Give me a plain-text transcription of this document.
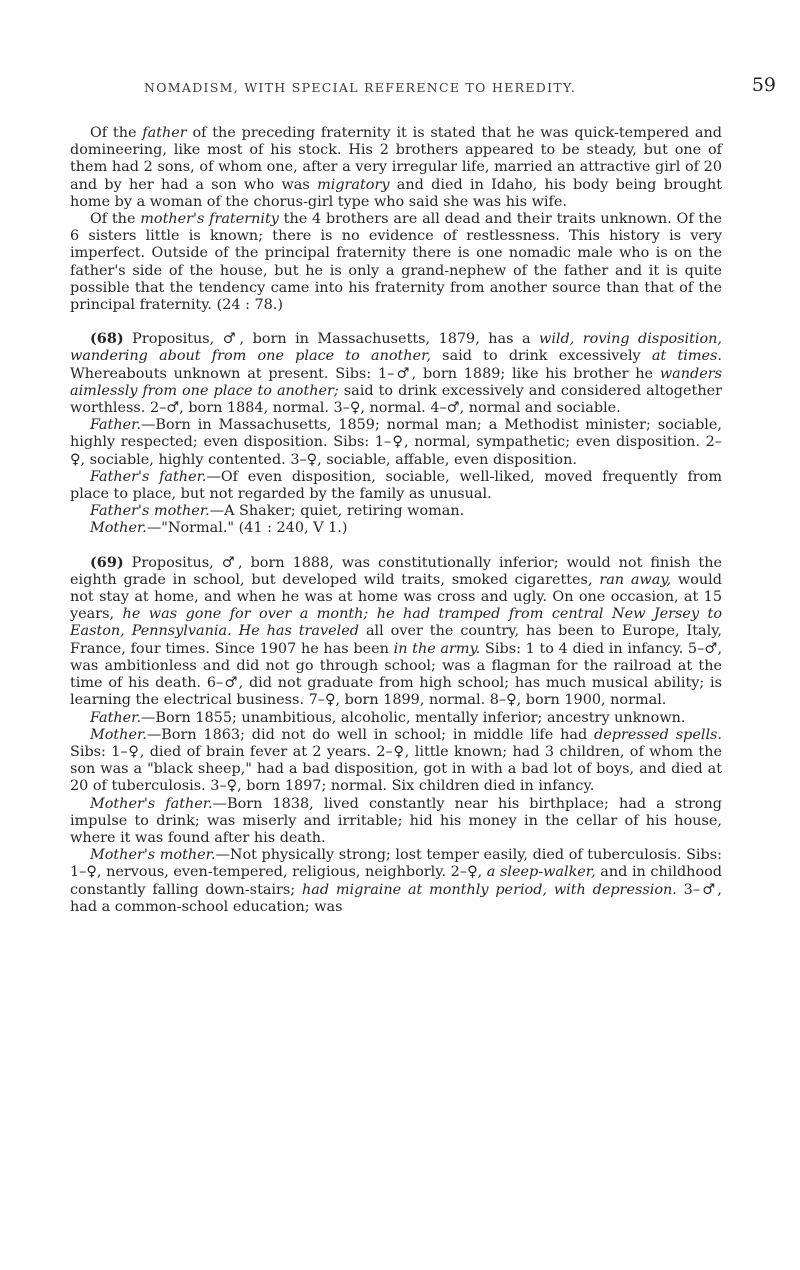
NOMADISM, WITH SPECIAL REFERENCE TO HEREDITY.	59

Of the father of the preceding fraternity it is stated that he was quick-tempered and domineering, like most of his stock. His 2 brothers appeared to be steady, but one of them had 2 sons, of whom one, after a very irregular life, married an attractive girl of 20 and by her had a son who was migratory and died in Idaho, his body being brought home by a woman of the chorus-girl type who said she was his wife.

Of the mother's fraternity the 4 brothers are all dead and their traits unknown. Of the 6 sisters little is known; there is no evidence of restlessness. This history is very imperfect. Outside of the principal fraternity there is one nomadic male who is on the father's side of the house, but he is only a grand-nephew of the father and it is quite possible that the tendency came into his fraternity from another source than that of the principal fraternity. (24 : 78.)

(68) Propositus, ♂, born in Massachusetts, 1879, has a wild, roving disposition, wandering about from one place to another, said to drink excessively at times. Whereabouts unknown at present. Sibs: 1–♂, born 1889; like his brother he wanders aimlessly from one place to another; said to drink excessively and considered altogether worthless. 2–♂, born 1884, normal. 3–♀, normal. 4–♂, normal and sociable.

Father.—Born in Massachusetts, 1859; normal man; a Methodist minister; sociable, highly respected; even disposition. Sibs: 1–♀, normal, sympathetic; even disposition. 2–♀, sociable, highly contented. 3–♀, sociable, affable, even disposition.

Father's father.—Of even disposition, sociable, well-liked, moved frequently from place to place, but not regarded by the family as unusual.

Father's mother.—A Shaker; quiet, retiring woman.

Mother.—"Normal." (41 : 240, V 1.)

(69) Propositus, ♂, born 1888, was constitutionally inferior; would not finish the eighth grade in school, but developed wild traits, smoked cigarettes, ran away, would not stay at home, and when he was at home was cross and ugly. On one occasion, at 15 years, he was gone for over a month; he had tramped from central New Jersey to Easton, Pennsylvania. He has traveled all over the country, has been to Europe, Italy, France, four times. Since 1907 he has been in the army. Sibs: 1 to 4 died in infancy. 5–♂, was ambitionless and did not go through school; was a flagman for the railroad at the time of his death. 6–♂, did not graduate from high school; has much musical ability; is learning the electrical business. 7–♀, born 1899, normal. 8–♀, born 1900, normal.

Father.—Born 1855; unambitious, alcoholic, mentally inferior; ancestry unknown.

Mother.—Born 1863; did not do well in school; in middle life had depressed spells. Sibs: 1–♀, died of brain fever at 2 years. 2–♀, little known; had 3 children, of whom the son was a "black sheep," had a bad disposition, got in with a bad lot of boys, and died at 20 of tuberculosis. 3–♀, born 1897; normal. Six children died in infancy.

Mother's father.—Born 1838, lived constantly near his birthplace; had a strong impulse to drink; was miserly and irritable; hid his money in the cellar of his house, where it was found after his death.

Mother's mother.—Not physically strong; lost temper easily, died of tuberculosis. Sibs: 1–♀, nervous, even-tempered, religious, neighborly. 2–♀, a sleep-walker, and in childhood constantly falling down-stairs; had migraine at monthly period, with depression. 3–♂, had a common-school education; was
